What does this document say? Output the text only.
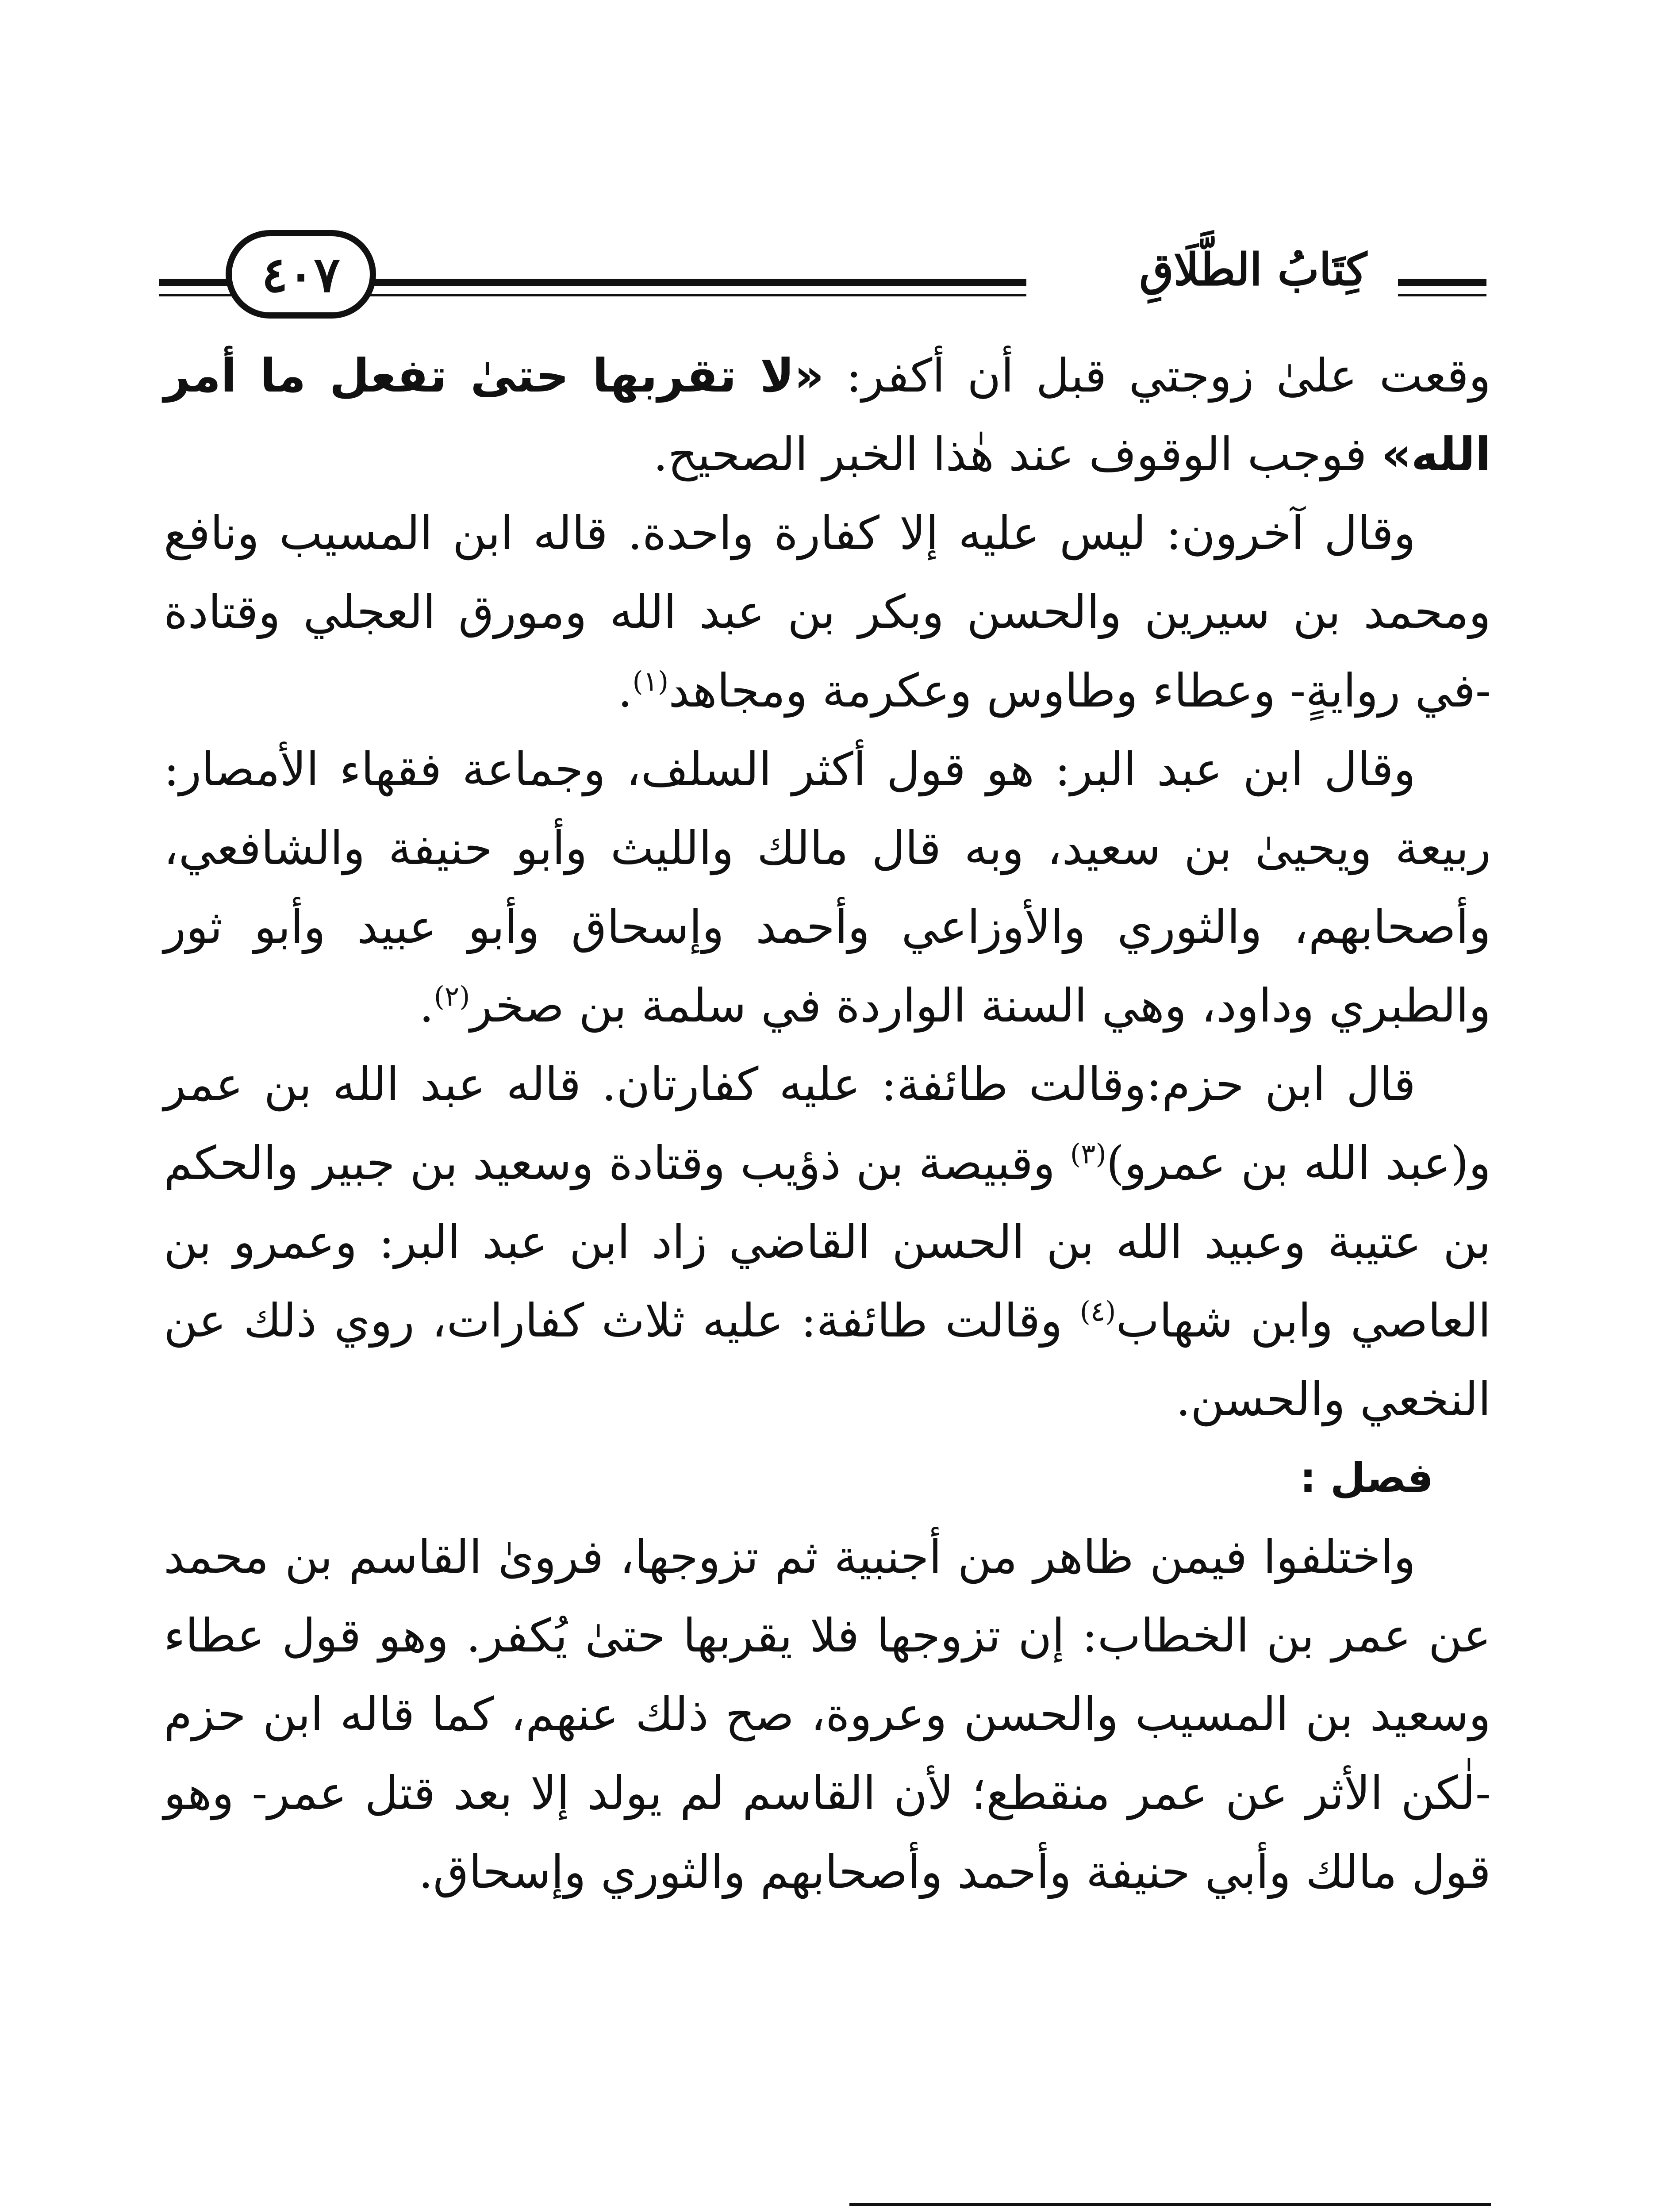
كِتَابُ الطَّلَاقِ
٤٠٧

وقعت علىٰ زوجتي قبل أن أكفر: «لا تقربها حتىٰ تفعل ما أمر الله» فوجب الوقوف عند هٰذا الخبر الصحيح.

وقال آخرون: ليس عليه إلا كفارة واحدة. قاله ابن المسيب ونافع ومحمد بن سيرين والحسن وبكر بن عبد الله ومورق العجلي وقتادة -في روايةٍ- وعطاء وطاوس وعكرمة ومجاهد$^{(١)}$.

وقال ابن عبد البر: هو قول أكثر السلف، وجماعة فقهاء الأمصار: ربيعة ويحيىٰ بن سعيد، وبه قال مالك والليث وأبو حنيفة والشافعي، وأصحابهم، والثوري والأوزاعي وأحمد وإسحاق وأبو عبيد وأبو ثور والطبري وداود، وهي السنة الواردة في سلمة بن صخر$^{(٢)}$.

قال ابن حزم:وقالت طائفة: عليه كفارتان. قاله عبد الله بن عمر و(عبد الله بن عمرو)$^{(٣)}$ وقبيصة بن ذؤيب وقتادة وسعيد بن جبير والحكم بن عتيبة وعبيد الله بن الحسن القاضي زاد ابن عبد البر: وعمرو بن العاصي وابن شهاب$^{(٤)}$ وقالت طائفة: عليه ثلاث كفارات، روي ذلك عن النخعي والحسن.

فصل :

واختلفوا فيمن ظاهر من أجنبية ثم تزوجها، فروىٰ القاسم بن محمد عن عمر بن الخطاب: إن تزوجها فلا يقربها حتىٰ يُكفر. وهو قول عطاء وسعيد بن المسيب والحسن وعروة، صح ذلك عنهم، كما قاله ابن حزم -لٰكن الأثر عن عمر منقطع؛ لأن القاسم لم يولد إلا بعد قتل عمر- وهو قول مالك وأبي حنيفة وأحمد وأصحابهم والثوري وإسحاق.
